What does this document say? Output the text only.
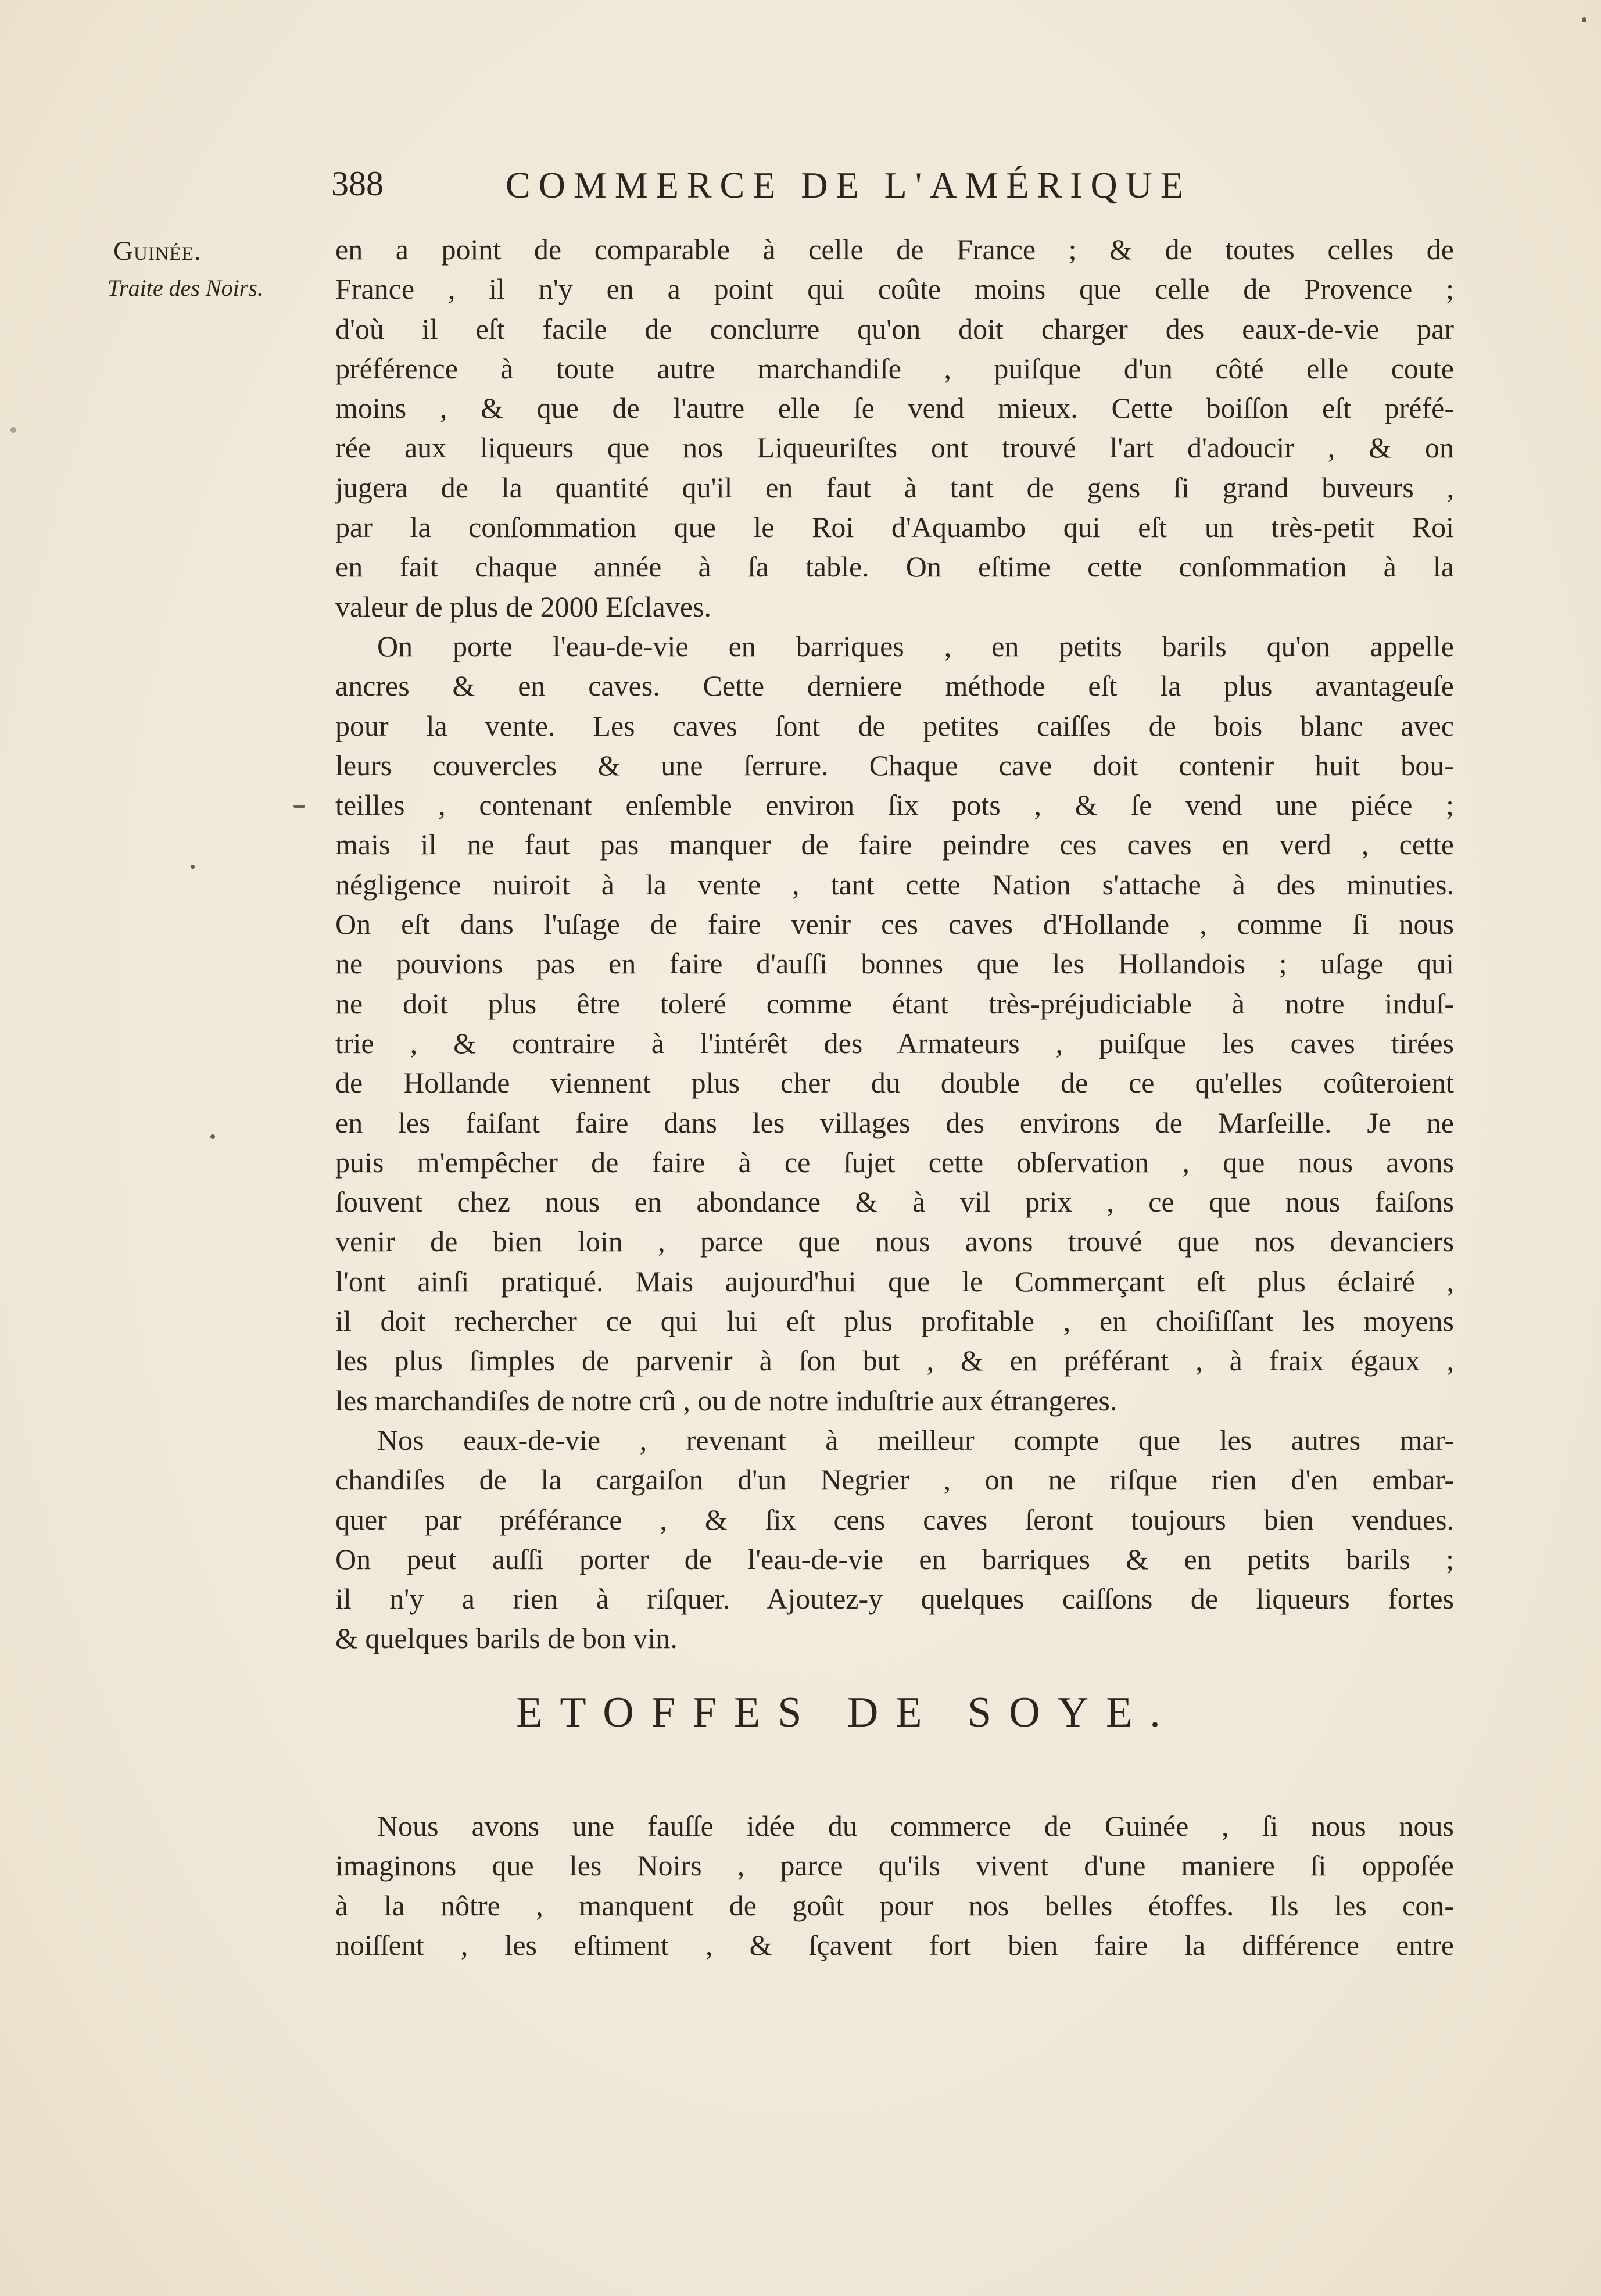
388	COMMERCE DE L'AMÉRIQUE
Guinée.
Traite des Noirs.
en a point de comparable à celle de France ; & de toutes celles de
France , il n'y en a point qui coûte moins que celle de Provence ;
d'où il eſt facile de conclurre qu'on doit charger des eaux-de-vie par
préférence à toute autre marchandiſe , puiſque d'un côté elle coute
moins , & que de l'autre elle ſe vend mieux. Cette boiſſon eſt préfé-
rée aux liqueurs que nos Liqueuriſtes ont trouvé l'art d'adoucir , & on
jugera de la quantité qu'il en faut à tant de gens ſi grand buveurs ,
par la conſommation que le Roi d'Aquambo qui eſt un très-petit Roi
en fait chaque année à ſa table. On eſtime cette conſommation à la
valeur de plus de 2000 Eſclaves.
On porte l'eau-de-vie en barriques , en petits barils qu'on appelle
ancres & en caves. Cette derniere méthode eſt la plus avantageuſe
pour la vente. Les caves ſont de petites caiſſes de bois blanc avec
leurs couvercles & une ſerrure. Chaque cave doit contenir huit bou-
teilles , contenant enſemble environ ſix pots , & ſe vend une piéce ;
mais il ne faut pas manquer de faire peindre ces caves en verd , cette
négligence nuiroit à la vente , tant cette Nation s'attache à des minuties.
On eſt dans l'uſage de faire venir ces caves d'Hollande , comme ſi nous
ne pouvions pas en faire d'auſſi bonnes que les Hollandois ; uſage qui
ne doit plus être toleré comme étant très-préjudiciable à notre induſ-
trie , & contraire à l'intérêt des Armateurs , puiſque les caves tirées
de Hollande viennent plus cher du double de ce qu'elles coûteroient
en les faiſant faire dans les villages des environs de Marſeille. Je ne
puis m'empêcher de faire à ce ſujet cette obſervation , que nous avons
ſouvent chez nous en abondance & à vil prix , ce que nous faiſons
venir de bien loin , parce que nous avons trouvé que nos devanciers
l'ont ainſi pratiqué. Mais aujourd'hui que le Commerçant eſt plus éclairé ,
il doit rechercher ce qui lui eſt plus profitable , en choiſiſſant les moyens
les plus ſimples de parvenir à ſon but , & en préférant , à fraix égaux ,
les marchandiſes de notre crû , ou de notre induſtrie aux étrangeres.
Nos eaux-de-vie , revenant à meilleur compte que les autres mar-
chandiſes de la cargaiſon d'un Negrier , on ne riſque rien d'en embar-
quer par préférance , & ſix cens caves ſeront toujours bien vendues.
On peut auſſi porter de l'eau-de-vie en barriques & en petits barils ;
il n'y a rien à riſquer. Ajoutez-y quelques caiſſons de liqueurs fortes
& quelques barils de bon vin.
ETOFFES DE SOYE.
Nous avons une fauſſe idée du commerce de Guinée , ſi nous nous
imaginons que les Noirs , parce qu'ils vivent d'une maniere ſi oppoſée
à la nôtre , manquent de goût pour nos belles étoffes. Ils les con-
noiſſent , les eſtiment , & ſçavent fort bien faire la différence entre
